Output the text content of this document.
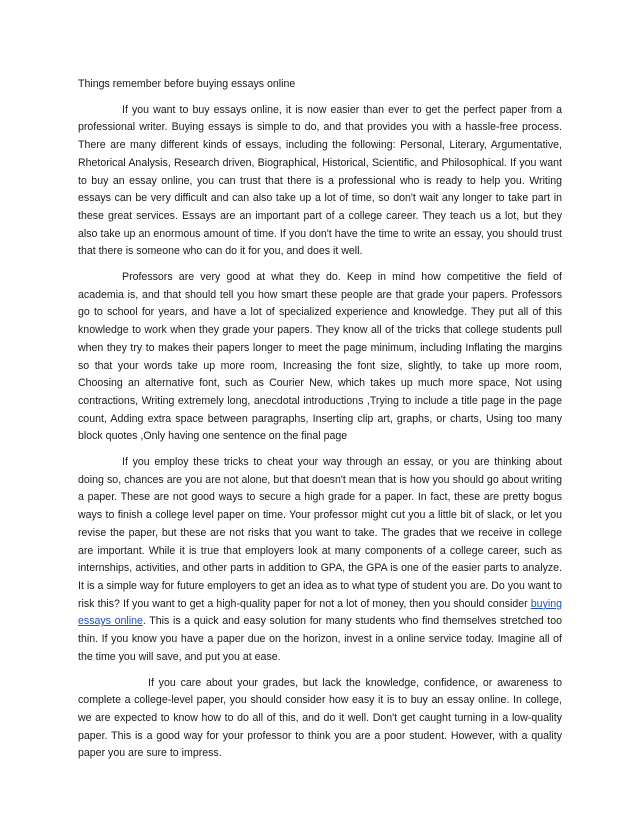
Things remember before buying essays online

If you want to buy essays online, it is now easier than ever to get the perfect paper from a professional writer. Buying essays is simple to do, and that provides you with a hassle-free process. There are many different kinds of essays, including the following: Personal, Literary, Argumentative, Rhetorical Analysis, Research driven, Biographical, Historical, Scientific, and Philosophical. If you want to buy an essay online, you can trust that there is a professional who is ready to help you. Writing essays can be very difficult and can also take up a lot of time, so don't wait any longer to take part in these great services. Essays are an important part of a college career. They teach us a lot, but they also take up an enormous amount of time. If you don't have the time to write an essay, you should trust that there is someone who can do it for you, and does it well.

Professors are very good at what they do. Keep in mind how competitive the field of academia is, and that should tell you how smart these people are that grade your papers. Professors go to school for years, and have a lot of specialized experience and knowledge. They put all of this knowledge to work when they grade your papers. They know all of the tricks that college students pull when they try to makes their papers longer to meet the page minimum, including Inflating the margins so that your words take up more room, Increasing the font size, slightly, to take up more room, Choosing an alternative font, such as Courier New, which takes up much more space, Not using contractions, Writing extremely long, anecdotal introductions ,Trying to include a title page in the page count, Adding extra space between paragraphs, Inserting clip art, graphs, or charts, Using too many block quotes ,Only having one sentence on the final page

If you employ these tricks to cheat your way through an essay, or you are thinking about doing so, chances are you are not alone, but that doesn't mean that is how you should go about writing a paper. These are not good ways to secure a high grade for a paper. In fact, these are pretty bogus ways to finish a college level paper on time. Your professor might cut you a little bit of slack, or let you revise the paper, but these are not risks that you want to take. The grades that we receive in college are important. While it is true that employers look at many components of a college career, such as internships, activities, and other parts in addition to GPA, the GPA is one of the easier parts to analyze. It is a simple way for future employers to get an idea as to what type of student you are. Do you want to risk this? If you want to get a high-quality paper for not a lot of money, then you should consider buying essays online. This is a quick and easy solution for many students who find themselves stretched too thin. If you know you have a paper due on the horizon, invest in a online service today. Imagine all of the time you will save, and put you at ease.

If you care about your grades, but lack the knowledge, confidence, or awareness to complete a college-level paper, you should consider how easy it is to buy an essay online. In college, we are expected to know how to do all of this, and do it well. Don't get caught turning in a low-quality paper. This is a good way for your professor to think you are a poor student. However, with a quality paper you are sure to impress.
